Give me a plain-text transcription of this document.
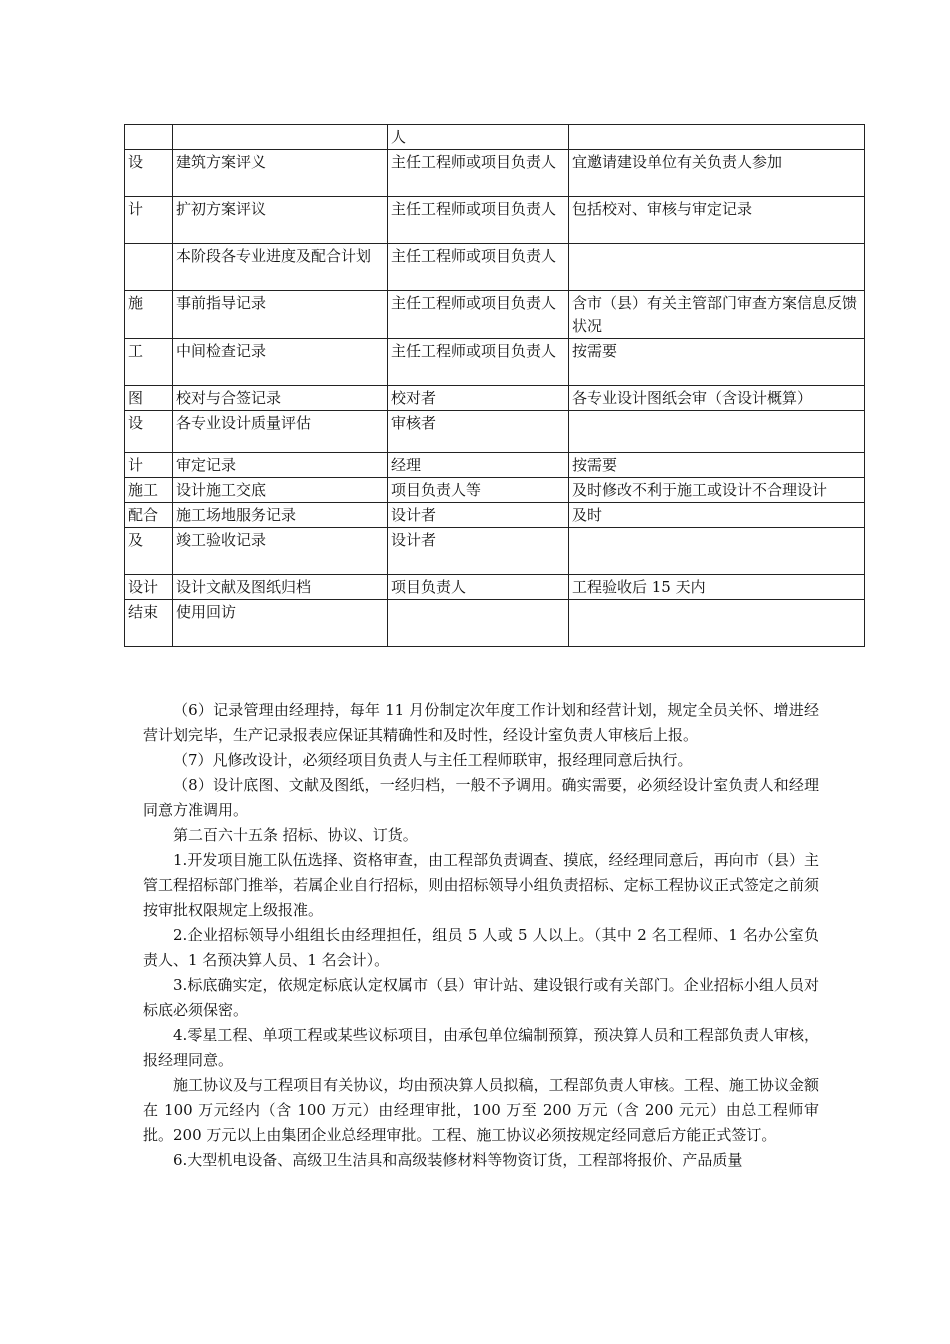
		人	
设	建筑方案评义	主任工程师或项目负责人	宜邀请建设单位有关负责人参加
计	扩初方案评议	主任工程师或项目负责人	包括校对、审核与审定记录
	本阶段各专业进度及配合计划	主任工程师或项目负责人	
施	事前指导记录	主任工程师或项目负责人	含市（县）有关主管部门审查方案信息反馈状况
工	中间检查记录	主任工程师或项目负责人	按需要
图	校对与合签记录	校对者	各专业设计图纸会审（含设计概算）
设	各专业设计质量评估	审核者	
计	审定记录	经理	按需要
施工	设计施工交底	项目负责人等	及时修改不利于施工或设计不合理设计
配合	施工场地服务记录	设计者	及时
及	竣工验收记录	设计者	
设计	设计文献及图纸归档	项目负责人	工程验收后 15 天内
结束	使用回访		

（6）记录管理由经理持，每年 11 月份制定次年度工作计划和经营计划，规定全员关怀、增进经营计划完毕，生产记录报表应保证其精确性和及时性，经设计室负责人审核后上报。

（7）凡修改设计，必须经项目负责人与主任工程师联审，报经理同意后执行。

（8）设计底图、文献及图纸，一经归档，一般不予调用。确实需要，必须经设计室负责人和经理同意方准调用。

第二百六十五条 招标、协议、订货。

1.开发项目施工队伍选择、资格审查，由工程部负责调查、摸底，经经理同意后，再向市（县）主管工程招标部门推举，若属企业自行招标，则由招标领导小组负责招标、定标工程协议正式签定之前须按审批权限规定上级报准。

2.企业招标领导小组组长由经理担任，组员 5 人或 5 人以上。（其中 2 名工程师、1 名办公室负责人、1 名预决算人员、1 名会计）。

3.标底确实定，依规定标底认定权属市（县）审计站、建设银行或有关部门。企业招标小组人员对标底必须保密。

4.零星工程、单项工程或某些议标项目，由承包单位编制预算，预决算人员和工程部负责人审核，报经理同意。

施工协议及与工程项目有关协议，均由预决算人员拟稿，工程部负责人审核。工程、施工协议金额在 100 万元经内（含 100 万元）由经理审批，100 万至 200 万元（含 200 元元）由总工程师审批。200 万元以上由集团企业总经理审批。工程、施工协议必须按规定经同意后方能正式签订。

6.大型机电设备、高级卫生洁具和高级装修材料等物资订货，工程部将报价、产品质量
